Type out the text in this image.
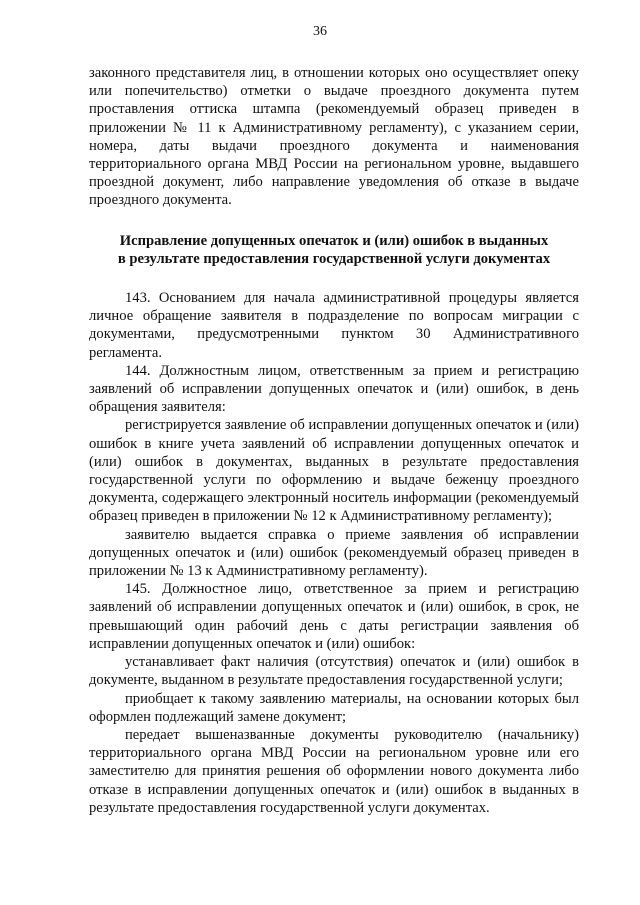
36

законного представителя лиц, в отношении которых оно осуществляет опеку или попечительство) отметки о выдаче проездного документа путем проставления оттиска штампа (рекомендуемый образец приведен в приложении № 11 к Административному регламенту), с указанием серии, номера, даты выдачи проездного документа и наименования территориального органа МВД России на региональном уровне, выдавшего проездной документ, либо направление уведомления об отказе в выдаче проездного документа.

Исправление допущенных опечаток и (или) ошибок в выданных
в результате предоставления государственной услуги документах

143. Основанием для начала административной процедуры является личное обращение заявителя в подразделение по вопросам миграции с документами, предусмотренными пунктом 30 Административного регламента.

144. Должностным лицом, ответственным за прием и регистрацию заявлений об исправлении допущенных опечаток и (или) ошибок, в день обращения заявителя:

регистрируется заявление об исправлении допущенных опечаток и (или) ошибок в книге учета заявлений об исправлении допущенных опечаток и (или) ошибок в документах, выданных в результате предоставления государственной услуги по оформлению и выдаче беженцу проездного документа, содержащего электронный носитель информации (рекомендуемый образец приведен в приложении № 12 к Административному регламенту);

заявителю выдается справка о приеме заявления об исправлении допущенных опечаток и (или) ошибок (рекомендуемый образец приведен в приложении № 13 к Административному регламенту).

145. Должностное лицо, ответственное за прием и регистрацию заявлений об исправлении допущенных опечаток и (или) ошибок, в срок, не превышающий один рабочий день с даты регистрации заявления об исправлении допущенных опечаток и (или) ошибок:

устанавливает факт наличия (отсутствия) опечаток и (или) ошибок в документе, выданном в результате предоставления государственной услуги;

приобщает к такому заявлению материалы, на основании которых был оформлен подлежащий замене документ;

передает вышеназванные документы руководителю (начальнику) территориального органа МВД России на региональном уровне или его заместителю для принятия решения об оформлении нового документа либо отказе в исправлении допущенных опечаток и (или) ошибок в выданных в результате предоставления государственной услуги документах.
